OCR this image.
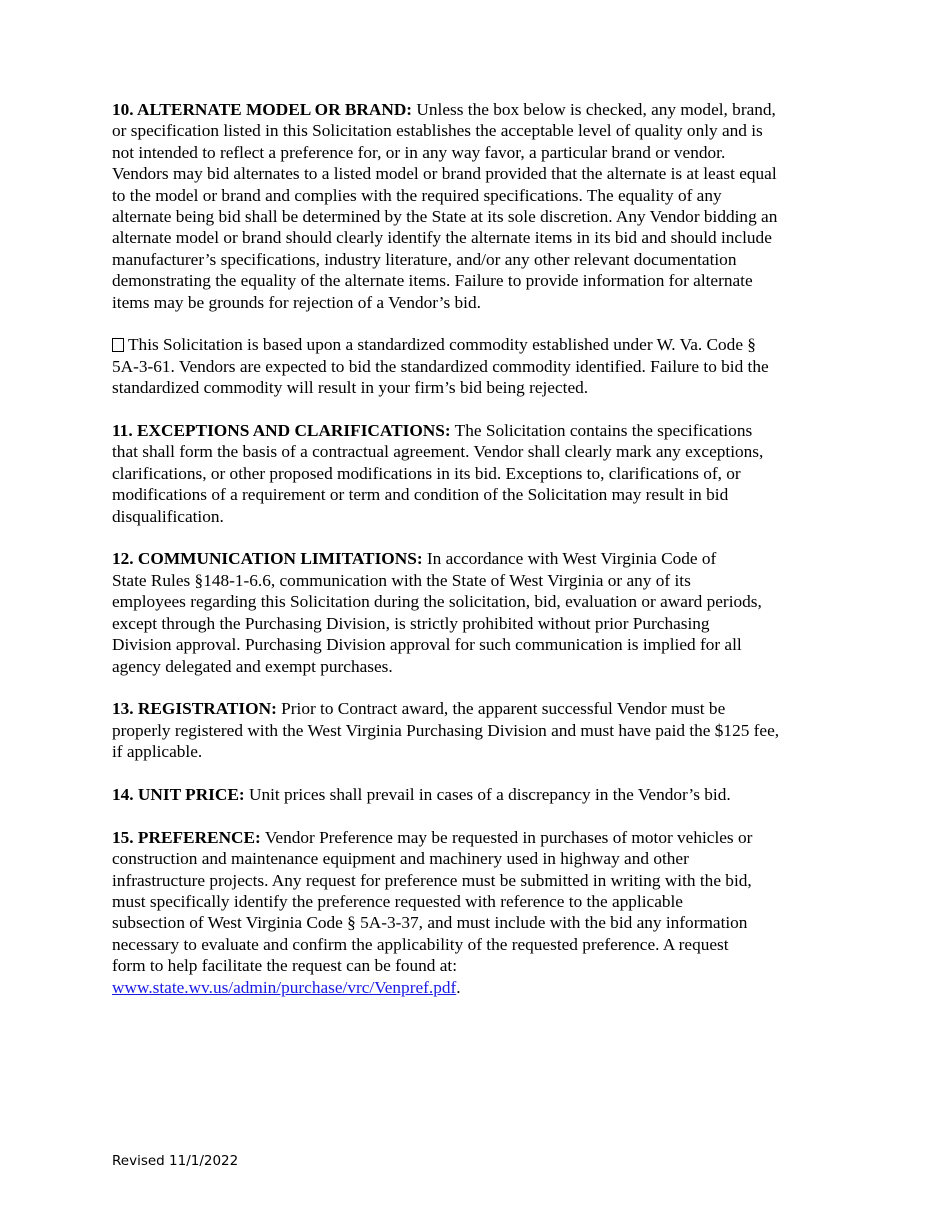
10. ALTERNATE MODEL OR BRAND: Unless the box below is checked, any model, brand,
or specification listed in this Solicitation establishes the acceptable level of quality only and is
not intended to reflect a preference for, or in any way favor, a particular brand or vendor.
Vendors may bid alternates to a listed model or brand provided that the alternate is at least equal
to the model or brand and complies with the required specifications. The equality of any
alternate being bid shall be determined by the State at its sole discretion. Any Vendor bidding an
alternate model or brand should clearly identify the alternate items in its bid and should include
manufacturer’s specifications, industry literature, and/or any other relevant documentation
demonstrating the equality of the alternate items. Failure to provide information for alternate
items may be grounds for rejection of a Vendor’s bid.

This Solicitation is based upon a standardized commodity established under W. Va. Code §
5A-3-61. Vendors are expected to bid the standardized commodity identified. Failure to bid the
standardized commodity will result in your firm’s bid being rejected.

11. EXCEPTIONS AND CLARIFICATIONS: The Solicitation contains the specifications
that shall form the basis of a contractual agreement. Vendor shall clearly mark any exceptions,
clarifications, or other proposed modifications in its bid. Exceptions to, clarifications of, or
modifications of a requirement or term and condition of the Solicitation may result in bid
disqualification.

12. COMMUNICATION LIMITATIONS: In accordance with West Virginia Code of
State Rules §148-1-6.6, communication with the State of West Virginia or any of its
employees regarding this Solicitation during the solicitation, bid, evaluation or award periods,
except through the Purchasing Division, is strictly prohibited without prior Purchasing
Division approval. Purchasing Division approval for such communication is implied for all
agency delegated and exempt purchases.

13. REGISTRATION: Prior to Contract award, the apparent successful Vendor must be
properly registered with the West Virginia Purchasing Division and must have paid the $125 fee,
if applicable.

14. UNIT PRICE: Unit prices shall prevail in cases of a discrepancy in the Vendor’s bid.

15. PREFERENCE: Vendor Preference may be requested in purchases of motor vehicles or
construction and maintenance equipment and machinery used in highway and other
infrastructure projects. Any request for preference must be submitted in writing with the bid,
must specifically identify the preference requested with reference to the applicable
subsection of West Virginia Code § 5A-3-37, and must include with the bid any information
necessary to evaluate and confirm the applicability of the requested preference. A request
form to help facilitate the request can be found at:
www.state.wv.us/admin/purchase/vrc/Venpref.pdf.

Revised 11/1/2022
